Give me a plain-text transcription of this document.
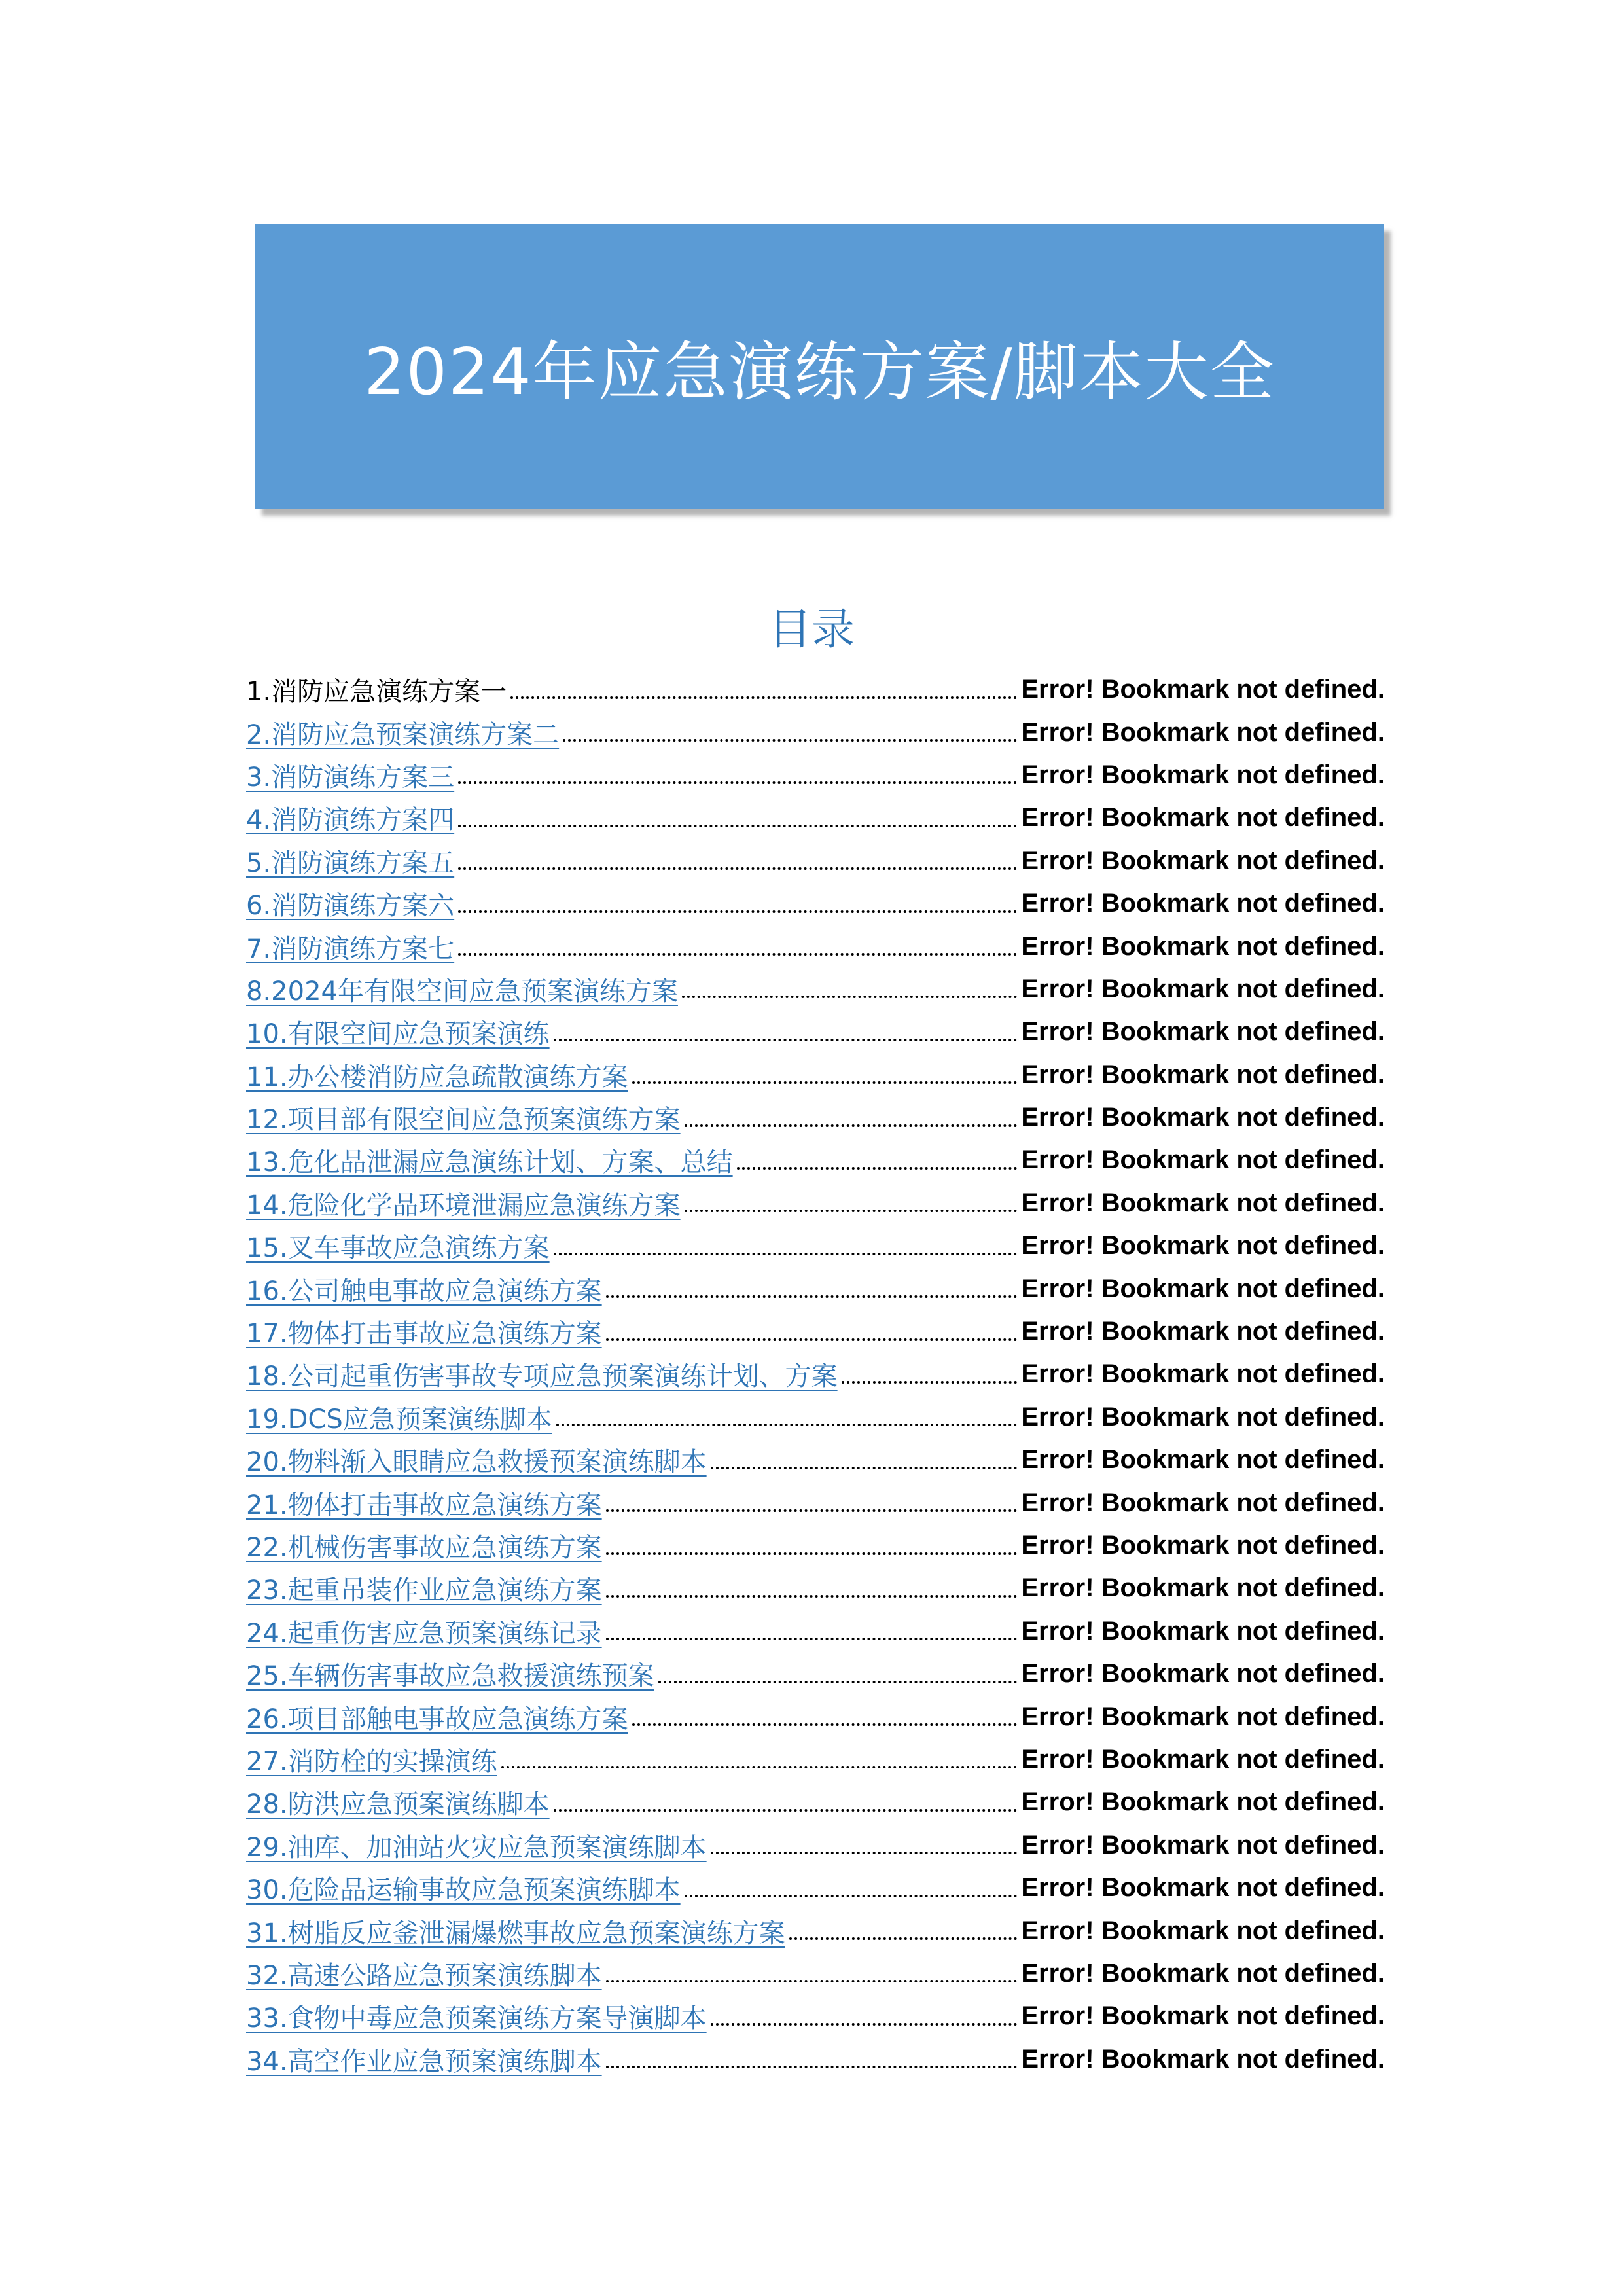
2024年应急演练方案/脚本大全
目录
1.消防应急演练方案一	Error! Bookmark not defined.
2.消防应急预案演练方案二	Error! Bookmark not defined.
3.消防演练方案三	Error! Bookmark not defined.
4.消防演练方案四	Error! Bookmark not defined.
5.消防演练方案五	Error! Bookmark not defined.
6.消防演练方案六	Error! Bookmark not defined.
7.消防演练方案七	Error! Bookmark not defined.
8.2024年有限空间应急预案演练方案	Error! Bookmark not defined.
10.有限空间应急预案演练	Error! Bookmark not defined.
11.办公楼消防应急疏散演练方案	Error! Bookmark not defined.
12.项目部有限空间应急预案演练方案	Error! Bookmark not defined.
13.危化品泄漏应急演练计划、方案、总结	Error! Bookmark not defined.
14.危险化学品环境泄漏应急演练方案	Error! Bookmark not defined.
15.叉车事故应急演练方案	Error! Bookmark not defined.
16.公司触电事故应急演练方案	Error! Bookmark not defined.
17.物体打击事故应急演练方案	Error! Bookmark not defined.
18.公司起重伤害事故专项应急预案演练计划、方案	Error! Bookmark not defined.
19.DCS应急预案演练脚本	Error! Bookmark not defined.
20.物料渐入眼睛应急救援预案演练脚本	Error! Bookmark not defined.
21.物体打击事故应急演练方案	Error! Bookmark not defined.
22.机械伤害事故应急演练方案	Error! Bookmark not defined.
23.起重吊装作业应急演练方案	Error! Bookmark not defined.
24.起重伤害应急预案演练记录	Error! Bookmark not defined.
25.车辆伤害事故应急救援演练预案	Error! Bookmark not defined.
26.项目部触电事故应急演练方案	Error! Bookmark not defined.
27.消防栓的实操演练	Error! Bookmark not defined.
28.防洪应急预案演练脚本	Error! Bookmark not defined.
29.油库、加油站火灾应急预案演练脚本	Error! Bookmark not defined.
30.危险品运输事故应急预案演练脚本	Error! Bookmark not defined.
31.树脂反应釜泄漏爆燃事故应急预案演练方案	Error! Bookmark not defined.
32.高速公路应急预案演练脚本	Error! Bookmark not defined.
33.食物中毒应急预案演练方案导演脚本	Error! Bookmark not defined.
34.高空作业应急预案演练脚本	Error! Bookmark not defined.
